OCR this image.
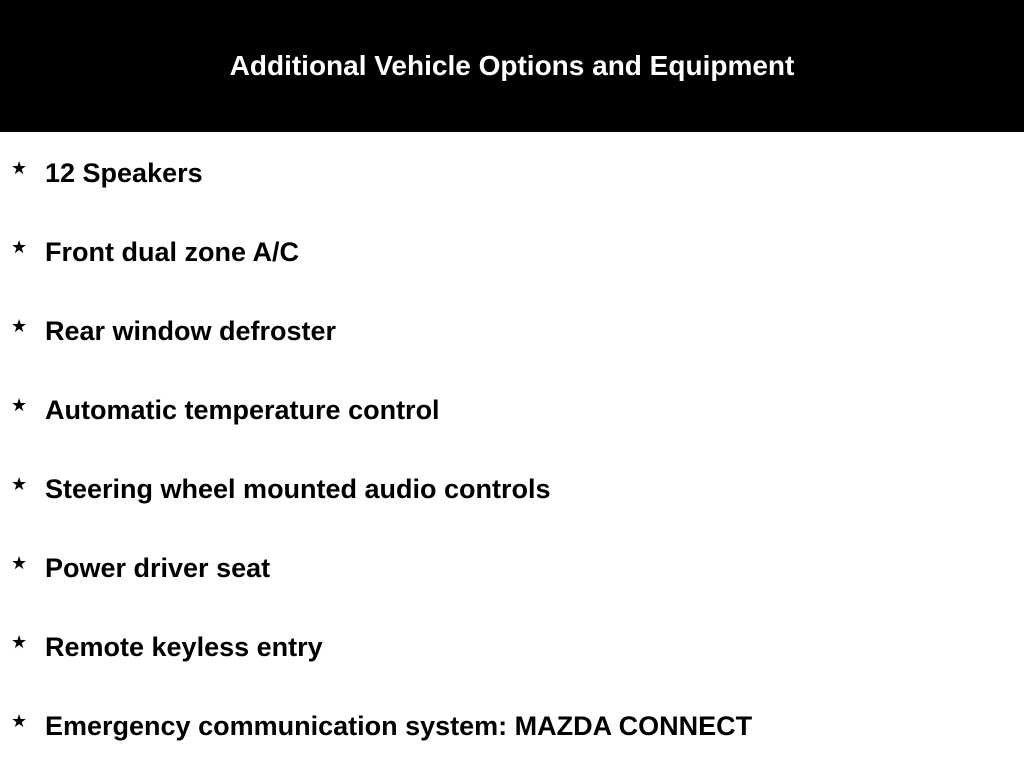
Additional Vehicle Options and Equipment
★ 12 Speakers
★ Front dual zone A/C
★ Rear window defroster
★ Automatic temperature control
★ Steering wheel mounted audio controls
★ Power driver seat
★ Remote keyless entry
★ Emergency communication system: MAZDA CONNECT
